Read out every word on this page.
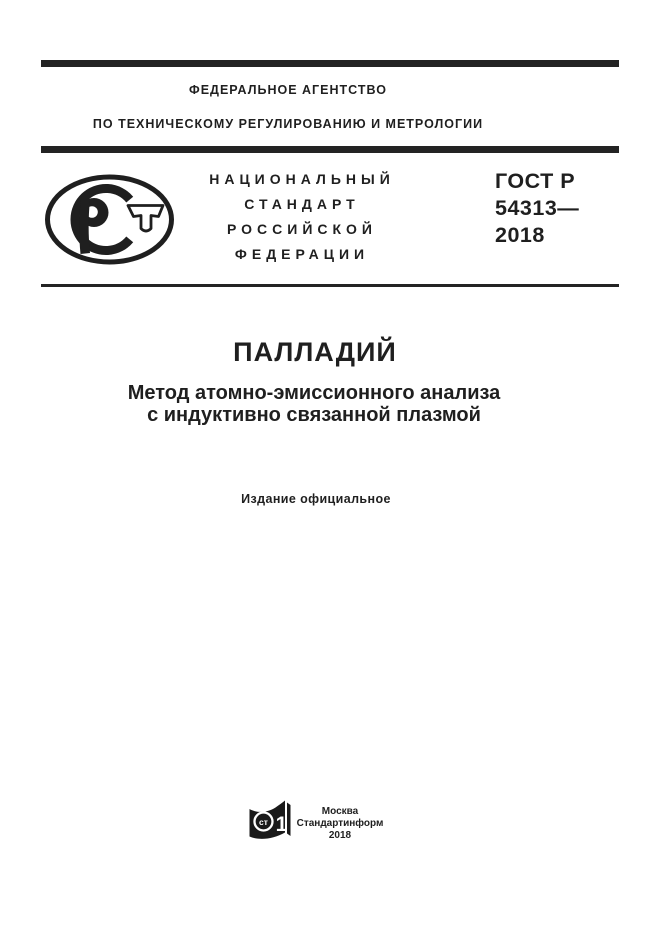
ФЕДЕРАЛЬНОЕ АГЕНТСТВО
ПО ТЕХНИЧЕСКОМУ РЕГУЛИРОВАНИЮ И МЕТРОЛОГИИ
НАЦИОНАЛЬНЫЙ
СТАНДАРТ
РОССИЙСКОЙ
ФЕДЕРАЦИИ
ГОСТ Р
54313—
2018
ПАЛЛАДИЙ
Метод атомно-эмиссионного анализа
с индуктивно связанной плазмой
Издание официальное
ст 1
Москва
Стандартинформ
2018
